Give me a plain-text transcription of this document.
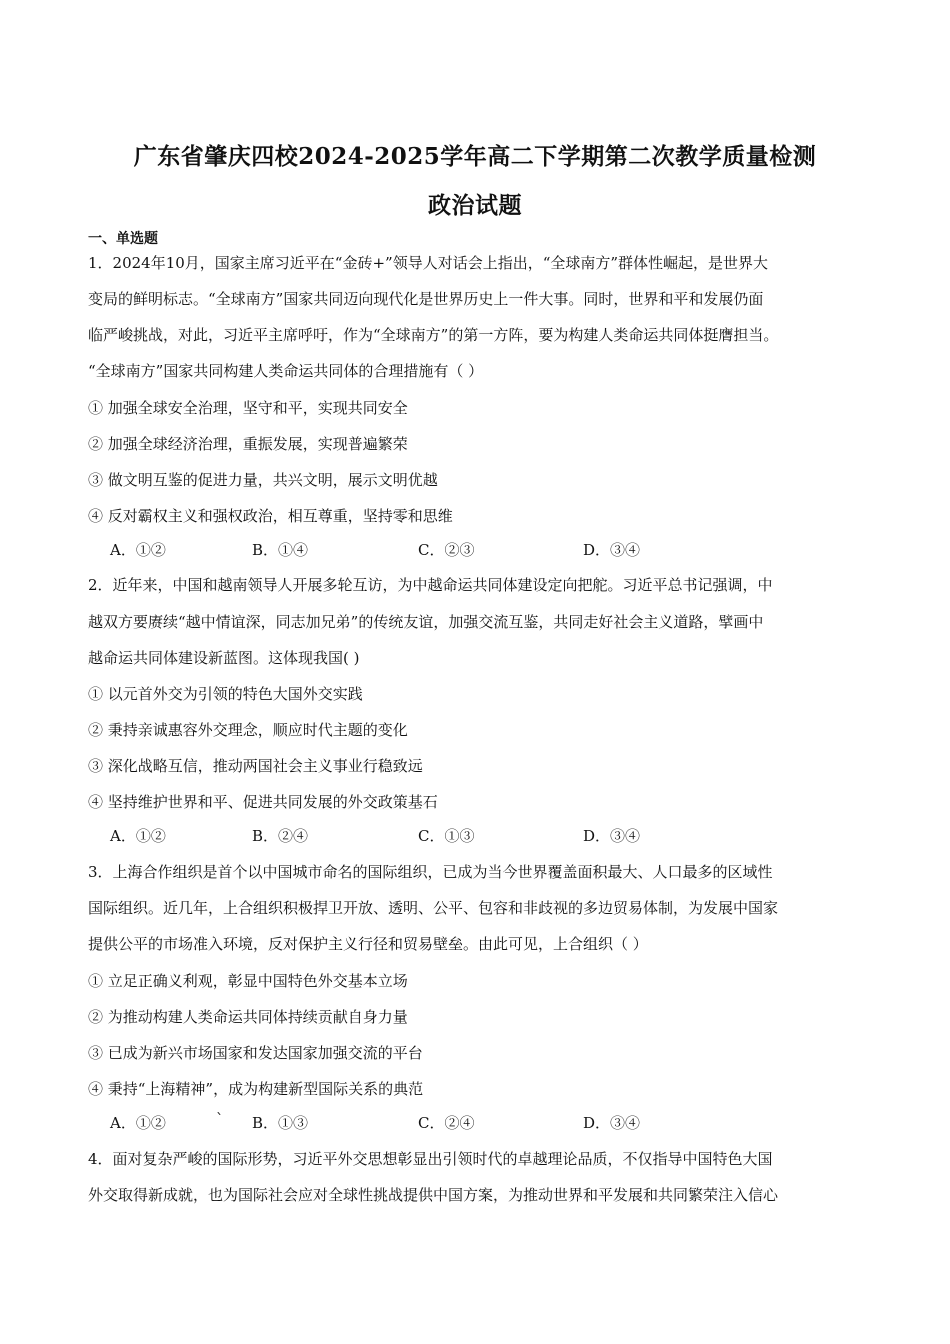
广东省肇庆四校2024-2025学年高二下学期第二次教学质量检测
政治试题
一、单选题
1．2024年10月，国家主席习近平在“金砖+”领导人对话会上指出，“全球南方”群体性崛起，是世界大
变局的鲜明标志。“全球南方”国家共同迈向现代化是世界历史上一件大事。同时，世界和平和发展仍面
临严峻挑战，对此，习近平主席呼吁，作为“全球南方”的第一方阵，要为构建人类命运共同体挺膺担当。
“全球南方”国家共同构建人类命运共同体的合理措施有（ ）
① 加强全球安全治理，坚守和平，实现共同安全
② 加强全球经济治理，重振发展，实现普遍繁荣
③ 做文明互鉴的促进力量，共兴文明，展示文明优越
④ 反对霸权主义和强权政治，相互尊重，坚持零和思维
A．①②	B．①④	C．②③	D．③④
2．近年来，中国和越南领导人开展多轮互访，为中越命运共同体建设定向把舵。习近平总书记强调，中
越双方要赓续“越中情谊深，同志加兄弟”的传统友谊，加强交流互鉴，共同走好社会主义道路，擘画中
越命运共同体建设新蓝图。这体现我国( )
① 以元首外交为引领的特色大国外交实践
② 秉持亲诚惠容外交理念，顺应时代主题的变化
③ 深化战略互信，推动两国社会主义事业行稳致远
④ 坚持维护世界和平、促进共同发展的外交政策基石
A．①②	B．②④	C．①③	D．③④
3．上海合作组织是首个以中国城市命名的国际组织，已成为当今世界覆盖面积最大、人口最多的区域性
国际组织。近几年，上合组织积极捍卫开放、透明、公平、包容和非歧视的多边贸易体制，为发展中国家
提供公平的市场准入环境，反对保护主义行径和贸易壁垒。由此可见，上合组织（ ）
① 立足正确义利观，彰显中国特色外交基本立场
② 为推动构建人类命运共同体持续贡献自身力量
③ 已成为新兴市场国家和发达国家加强交流的平台
④ 秉持“上海精神”，成为构建新型国际关系的典范
A．①②	` B．①③	C．②④	D．③④
4．面对复杂严峻的国际形势，习近平外交思想彰显出引领时代的卓越理论品质，不仅指导中国特色大国
外交取得新成就，也为国际社会应对全球性挑战提供中国方案，为推动世界和平发展和共同繁荣注入信心
